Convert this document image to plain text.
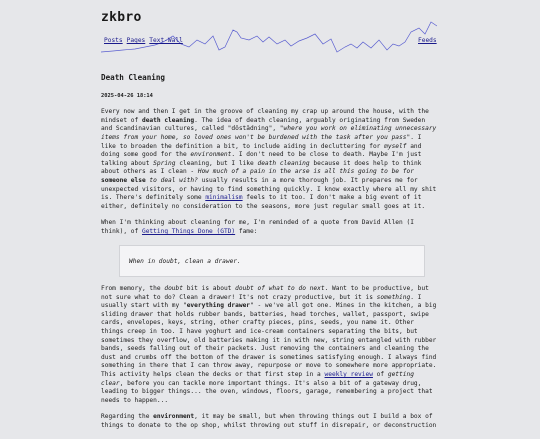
zkbro
Posts Pages Text-Wall	Feeds
Death Cleaning
2025-04-26 18:14

Every now and then I get in the groove of cleaning my crap up around the house, with the mindset of death cleaning. The idea of death cleaning, arguably originating from Sweden and Scandinavian cultures, called "döstädning", "where you work on eliminating unnecessary items from your home, so loved ones won't be burdened with the task after you pass". I like to broaden the definition a bit, to include aiding in decluttering for myself and doing some good for the environment. I don't need to be close to death. Maybe I'm just talking about Spring cleaning, but I like death cleaning because it does help to think about others as I clean - How much of a pain in the arse is all this going to be for someone else to deal with? usually results in a more thorough job. It prepares me for unexpected visitors, or having to find something quickly. I know exactly where all my shit is. There's definitely some minimalism feels to it too. I don't make a big event of it either, definitely no consideration to the seasons, more just regular small goes at it.

When I'm thinking about cleaning for me, I'm reminded of a quote from David Allen (I think), of Getting Things Done (GTD) fame:

When in doubt, clean a drawer.

From memory, the doubt bit is about doubt of what to do next. Want to be productive, but not sure what to do? Clean a drawer! It's not crazy productive, but it is something. I usually start with my "everything drawer" - we've all got one. Mines in the kitchen, a big sliding drawer that holds rubber bands, batteries, head torches, wallet, passport, swipe cards, envelopes, keys, string, other crafty pieces, pins, seeds, you name it. Other things creep in too. I have yoghurt and ice-cream containers separating the bits, but sometimes they overflow, old batteries making it in with new, string entangled with rubber bands, seeds falling out of their packets. Just removing the containers and cleaning the dust and crumbs off the bottom of the drawer is sometimes satisfying enough. I always find something in there that I can throw away, repurpose or move to somewhere more appropriate. This activity helps clean the decks or that first step in a weekly review of getting clear, before you can tackle more important things. It's also a bit of a gateway drug, leading to bigger things... the oven, windows, floors, garage, remembering a project that needs to happen...

Regarding the environment, it may be small, but when throwing things out I build a box of things to donate to the op shop, whilst throwing out stuff in disrepair, or deconstruction
